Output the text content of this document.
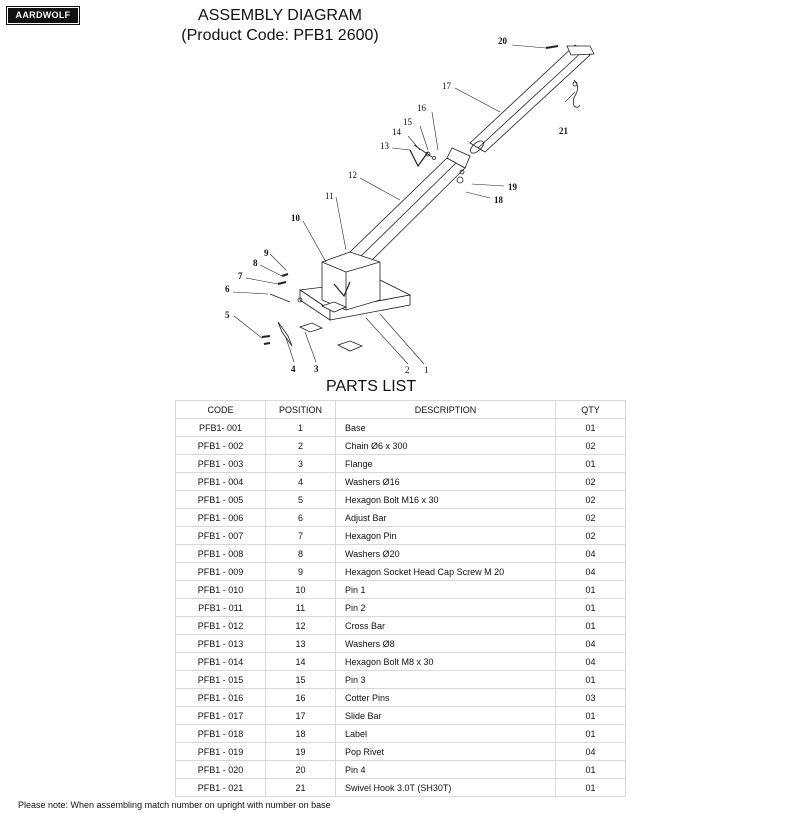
AARDWOLF	ASSEMBLY DIAGRAM
(Product Code: PFB1 2600)
1
2
3
4
5
6
7
8
9
10
11
12
13
14
15
16
17
18
19
20
21
PARTS LIST
CODE	POSITION	DESCRIPTION	QTY
PFB1- 001	1	Base	01
PFB1 - 002	2	Chain Ø6 x 300	02
PFB1 - 003	3	Flange	01
PFB1 - 004	4	Washers Ø16	02
PFB1 - 005	5	Hexagon Bolt M16 x 30	02
PFB1 - 006	6	Adjust Bar	02
PFB1 - 007	7	Hexagon Pin	02
PFB1 - 008	8	Washers Ø20	04
PFB1 - 009	9	Hexagon Socket Head Cap Screw M 20	04
PFB1 - 010	10	Pin 1	01
PFB1 - 011	11	Pin 2	01
PFB1 - 012	12	Cross Bar	01
PFB1 - 013	13	Washers Ø8	04
PFB1 - 014	14	Hexagon Bolt M8 x 30	04
PFB1 - 015	15	Pin 3	01
PFB1 - 016	16	Cotter Pins	03
PFB1 - 017	17	Slide Bar	01
PFB1 - 018	18	Label	01
PFB1 - 019	19	Pop Rivet	04
PFB1 - 020	20	Pin 4	01
PFB1 - 021	21	Swivel Hook 3.0T (SH30T)	01
Please note: When assembling match number on upright with number on base
